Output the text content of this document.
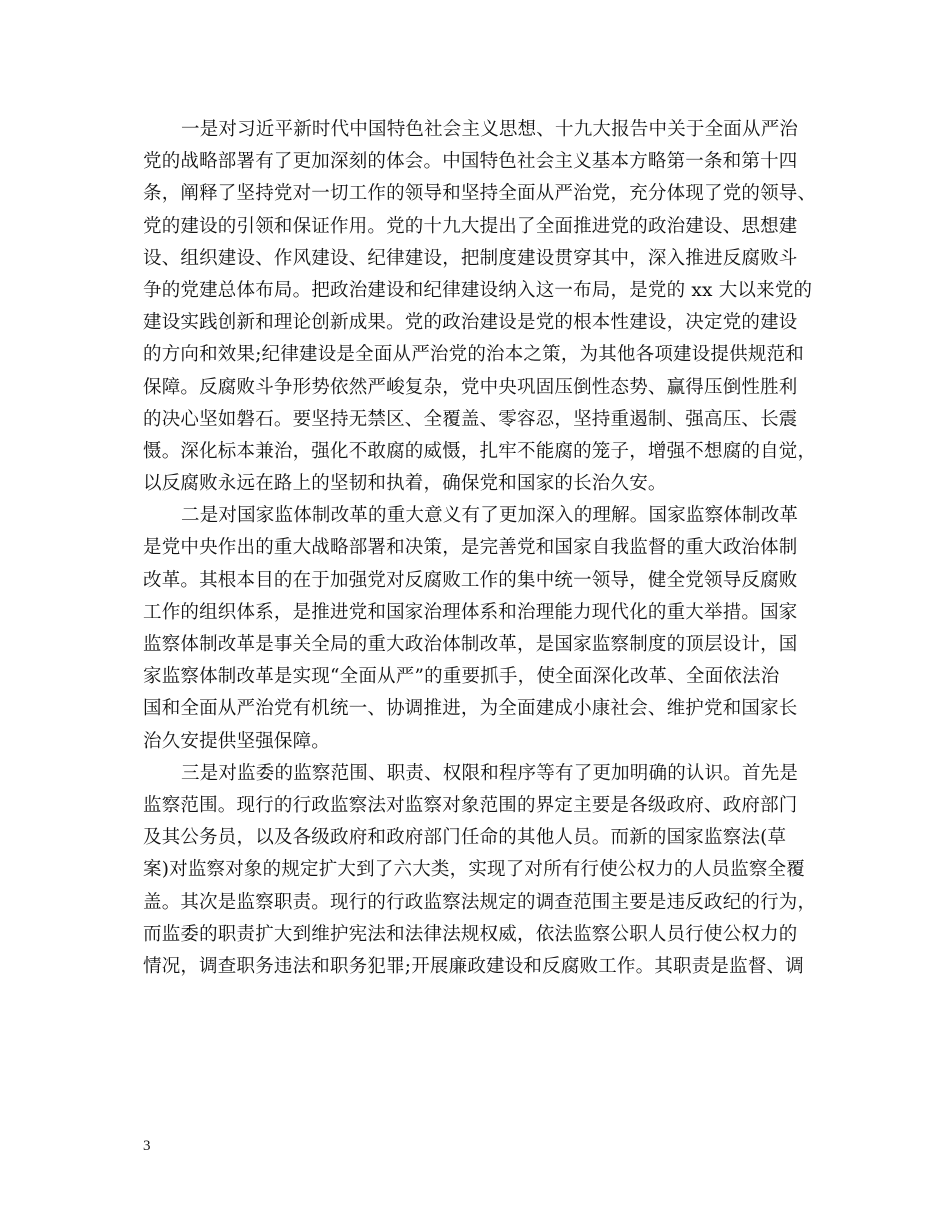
一是对习近平新时代中国特色社会主义思想、十九大报告中关于全面从严治
党的战略部署有了更加深刻的体会。中国特色社会主义基本方略第一条和第十四
条，阐释了坚持党对一切工作的领导和坚持全面从严治党，充分体现了党的领导、
党的建设的引领和保证作用。党的十九大提出了全面推进党的政治建设、思想建
设、组织建设、作风建设、纪律建设，把制度建设贯穿其中，深入推进反腐败斗
争的党建总体布局。把政治建设和纪律建设纳入这一布局，是党的 xx 大以来党的
建设实践创新和理论创新成果。党的政治建设是党的根本性建设，决定党的建设
的方向和效果;纪律建设是全面从严治党的治本之策，为其他各项建设提供规范和
保障。反腐败斗争形势依然严峻复杂，党中央巩固压倒性态势、赢得压倒性胜利
的决心坚如磐石。要坚持无禁区、全覆盖、零容忍，坚持重遏制、强高压、长震
慑。深化标本兼治，强化不敢腐的威慑，扎牢不能腐的笼子，增强不想腐的自觉，
以反腐败永远在路上的坚韧和执着，确保党和国家的长治久安。
二是对国家监体制改革的重大意义有了更加深入的理解。国家监察体制改革
是党中央作出的重大战略部署和决策，是完善党和国家自我监督的重大政治体制
改革。其根本目的在于加强党对反腐败工作的集中统一领导，健全党领导反腐败
工作的组织体系，是推进党和国家治理体系和治理能力现代化的重大举措。国家
监察体制改革是事关全局的重大政治体制改革，是国家监察制度的顶层设计，国
家监察体制改革是实现“全面从严”的重要抓手，使全面深化改革、全面依法治
国和全面从严治党有机统一、协调推进，为全面建成小康社会、维护党和国家长
治久安提供坚强保障。
三是对监委的监察范围、职责、权限和程序等有了更加明确的认识。首先是
监察范围。现行的行政监察法对监察对象范围的界定主要是各级政府、政府部门
及其公务员，以及各级政府和政府部门任命的其他人员。而新的国家监察法(草
案)对监察对象的规定扩大到了六大类，实现了对所有行使公权力的人员监察全覆
盖。其次是监察职责。现行的行政监察法规定的调查范围主要是违反政纪的行为，
而监委的职责扩大到维护宪法和法律法规权威，依法监察公职人员行使公权力的
情况，调查职务违法和职务犯罪;开展廉政建设和反腐败工作。其职责是监督、调
3
